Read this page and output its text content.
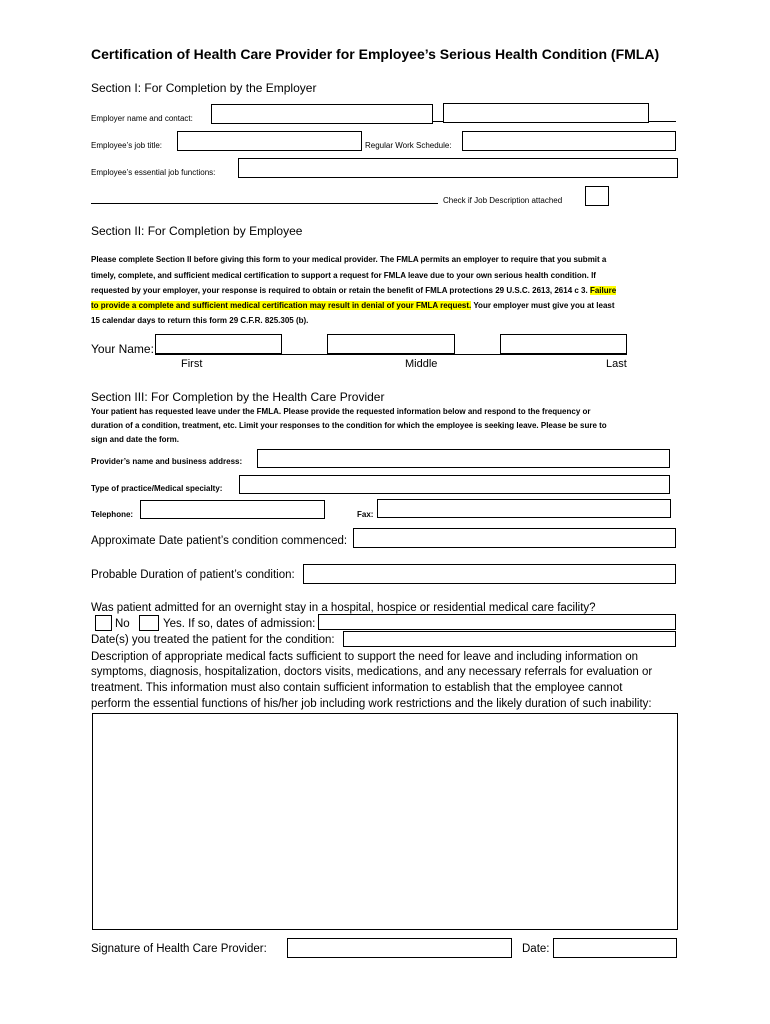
Certification of Health Care Provider for Employee’s Serious Health Condition (FMLA)
Section I: For Completion by the Employer
Employer name and contact:
Employee’s job title:	Regular Work Schedule:
Employee’s essential job functions:
Check if Job Description attached
Section II: For Completion by Employee
Please complete Section II before giving this form to your medical provider. The FMLA permits an employer to require that you submit a
timely, complete, and sufficient medical certification to support a request for FMLA leave due to your own serious health condition. If
requested by your employer, your response is required to obtain or retain the benefit of FMLA protections 29 U.S.C. 2613, 2614 c 3. Failure
to provide a complete and sufficient medical certification may result in denial of your FMLA request. Your employer must give you at least
15 calendar days to return this form 29 C.F.R. 825.305 (b).
Your Name:
First	Middle	Last
Section III: For Completion by the Health Care Provider
Your patient has requested leave under the FMLA. Please provide the requested information below and respond to the frequency or
duration of a condition, treatment, etc. Limit your responses to the condition for which the employee is seeking leave. Please be sure to
sign and date the form.
Provider’s name and business address:
Type of practice/Medical specialty:
Telephone:	Fax:
Approximate Date patient’s condition commenced:
Probable Duration of patient’s condition:
Was patient admitted for an overnight stay in a hospital, hospice or residential medical care facility?
No	Yes. If so, dates of admission:
Date(s) you treated the patient for the condition:
Description of appropriate medical facts sufficient to support the need for leave and including information on
symptoms, diagnosis, hospitalization, doctors visits, medications, and any necessary referrals for evaluation or
treatment. This information must also contain sufficient information to establish that the employee cannot
perform the essential functions of his/her job including work restrictions and the likely duration of such inability:
Signature of Health Care Provider:	Date:
